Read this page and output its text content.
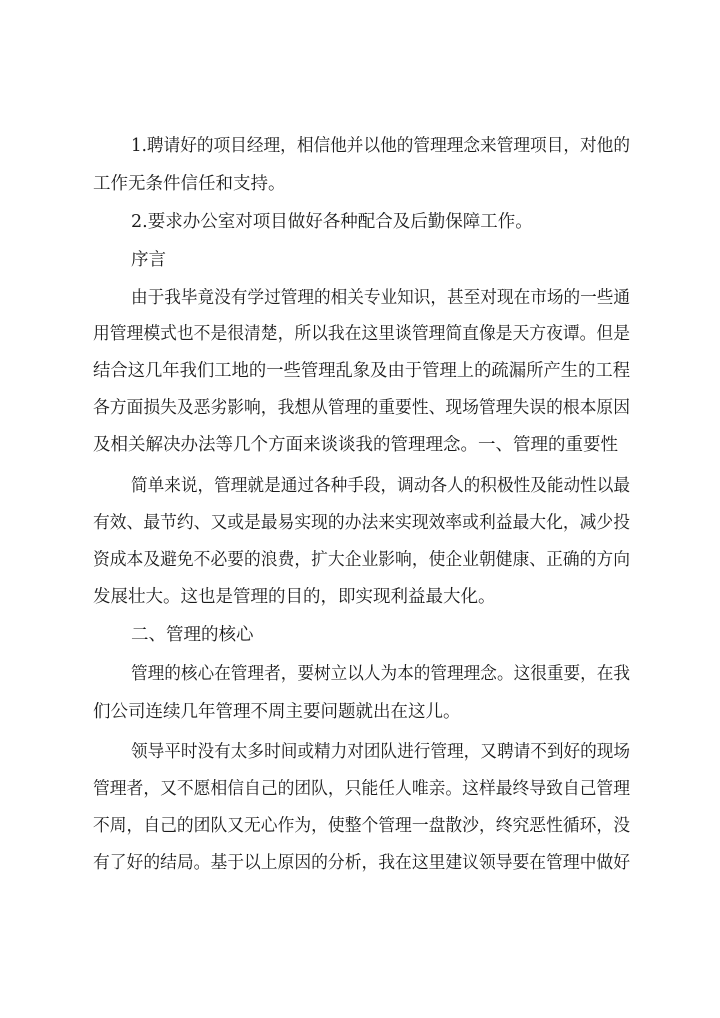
1.聘请好的项目经理，相信他并以他的管理理念来管理项目，对他的
工作无条件信任和支持。
2.要求办公室对项目做好各种配合及后勤保障工作。
序言
由于我毕竟没有学过管理的相关专业知识，甚至对现在市场的一些通
用管理模式也不是很清楚，所以我在这里谈管理简直像是天方夜谭。但是
结合这几年我们工地的一些管理乱象及由于管理上的疏漏所产生的工程
各方面损失及恶劣影响，我想从管理的重要性、现场管理失误的根本原因
及相关解决办法等几个方面来谈谈我的管理理念。一、管理的重要性
简单来说，管理就是通过各种手段，调动各人的积极性及能动性以最
有效、最节约、又或是最易实现的办法来实现效率或利益最大化，减少投
资成本及避免不必要的浪费，扩大企业影响，使企业朝健康、正确的方向
发展壮大。这也是管理的目的，即实现利益最大化。
二、管理的核心
管理的核心在管理者，要树立以人为本的管理理念。这很重要，在我
们公司连续几年管理不周主要问题就出在这儿。
领导平时没有太多时间或精力对团队进行管理，又聘请不到好的现场
管理者，又不愿相信自己的团队，只能任人唯亲。这样最终导致自己管理
不周，自己的团队又无心作为，使整个管理一盘散沙，终究恶性循环，没
有了好的结局。基于以上原因的分析，我在这里建议领导要在管理中做好
